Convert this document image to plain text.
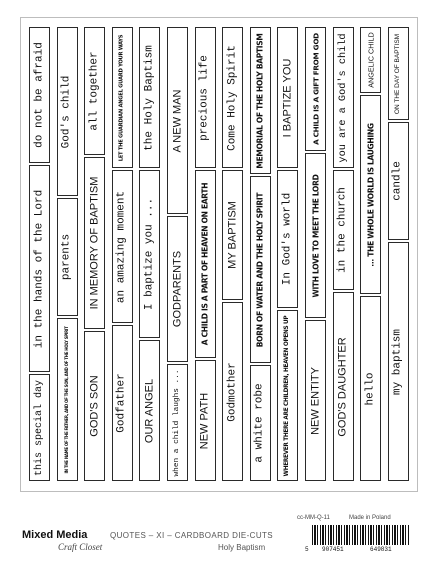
this special day
in the hands of the Lord
do not be afraid
IN THE NAME OF THE FATHER, AND OF THE SON, AND OF THE HOLY SPIRIT
parents
God's child
GOD'S SON
IN MEMORY OF BAPTISM
all together
Godfather
an amazing moment
LET THE GUARDIAN ANGEL GUARD YOUR WAYS
OUR ANGEL
I baptize you ...
the Holy Baptism
when a child laughs ...
GODPARENTS
A NEW MAN
NEW PATH
A CHILD IS A PART OF HEAVEN ON EARTH
precious life
Godmother
MY BAPTISM
Come Holy Spirit
a white robe
BORN OF WATER AND THE HOLY SPIRIT
MEMORIAL OF THE HOLY BAPTISM
WHEREVER THERE ARE CHILDREN, HEAVEN OPENS UP
In God's world
I BAPTIZE YOU
NEW ENTITY
WITH LOVE TO MEET THE LORD
A CHILD IS A GIFT FROM GOD
GOD'S DAUGHTER
in the church
you are a God's child
hello
... THE WHOLE WORLD IS LAUGHING
ANGELIC CHILD
my baptism
candle
ON THE DAY OF BAPTISM
Mixed Media
Craft Closet
QUOTES – XI – CARDBOARD DIE-CUTS
Holy Baptism
cc-MM-Q-11	Made in Poland
5 907451	649831
